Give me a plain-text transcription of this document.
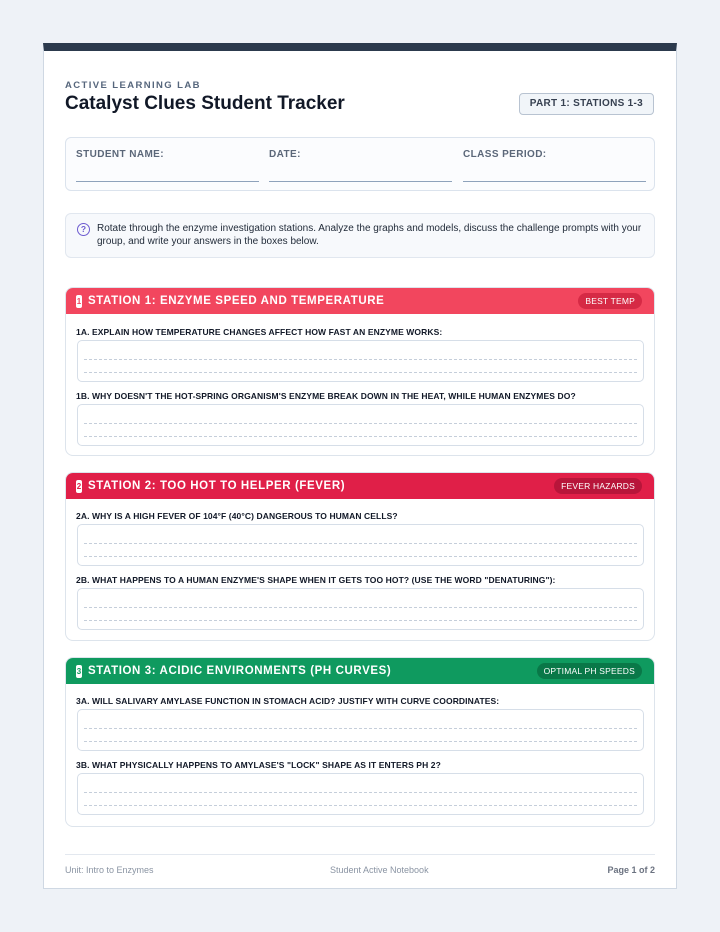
ACTIVE LEARNING LAB
Catalyst Clues Student Tracker	PART 1: STATIONS 1-3
STUDENT NAME:	DATE:	CLASS PERIOD:
?	Rotate through the enzyme investigation stations. Analyze the graphs and models, discuss the challenge prompts with your group, and write your answers in the boxes below.
1 STATION 1: ENZYME SPEED AND TEMPERATURE	BEST TEMP
1A. EXPLAIN HOW TEMPERATURE CHANGES AFFECT HOW FAST AN ENZYME WORKS:
1B. WHY DOESN'T THE HOT-SPRING ORGANISM'S ENZYME BREAK DOWN IN THE HEAT, WHILE HUMAN ENZYMES DO?
2 STATION 2: TOO HOT TO HELPER (FEVER)	FEVER HAZARDS
2A. WHY IS A HIGH FEVER OF 104°F (40°C) DANGEROUS TO HUMAN CELLS?
2B. WHAT HAPPENS TO A HUMAN ENZYME'S SHAPE WHEN IT GETS TOO HOT? (USE THE WORD "DENATURING"):
3 STATION 3: ACIDIC ENVIRONMENTS (PH CURVES)	OPTIMAL PH SPEEDS
3A. WILL SALIVARY AMYLASE FUNCTION IN STOMACH ACID? JUSTIFY WITH CURVE COORDINATES:
3B. WHAT PHYSICALLY HAPPENS TO AMYLASE'S "LOCK" SHAPE AS IT ENTERS PH 2?
Unit: Intro to Enzymes	Student Active Notebook	Page 1 of 2
